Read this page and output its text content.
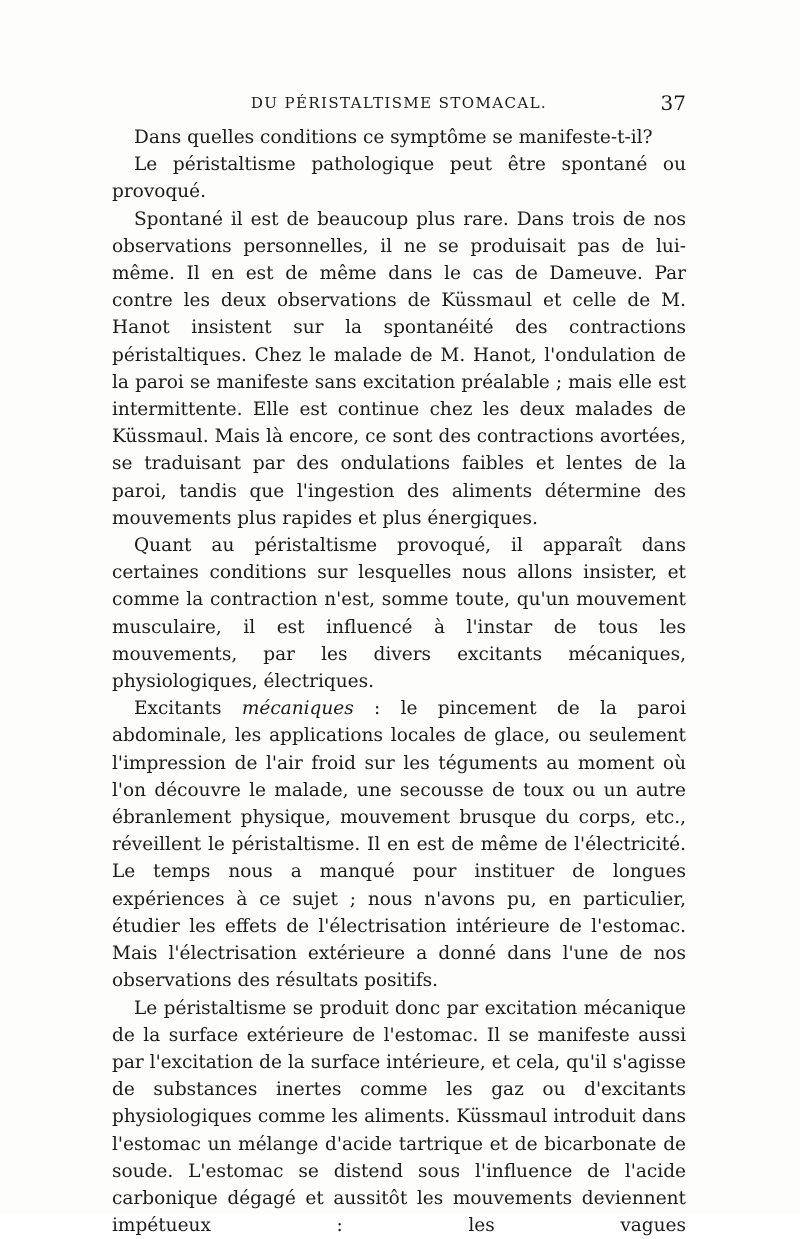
DU PÉRISTALTISME STOMACAL.	37

Dans quelles conditions ce symptôme se manifeste-t-il?

Le péristaltisme pathologique peut être spontané ou provoqué.

Spontané il est de beaucoup plus rare. Dans trois de nos observations personnelles, il ne se produisait pas de lui-même. Il en est de même dans le cas de Dameuve. Par contre les deux observations de Küssmaul et celle de M. Hanot insistent sur la spontanéité des contractions péristaltiques. Chez le malade de M. Hanot, l'ondulation de la paroi se manifeste sans excitation préalable ; mais elle est intermittente. Elle est continue chez les deux malades de Küssmaul. Mais là encore, ce sont des contractions avortées, se traduisant par des ondulations faibles et lentes de la paroi, tandis que l'ingestion des aliments détermine des mouvements plus rapides et plus énergiques.

Quant au péristaltisme provoqué, il apparaît dans certaines conditions sur lesquelles nous allons insister, et comme la contraction n'est, somme toute, qu'un mouvement musculaire, il est influencé à l'instar de tous les mouvements, par les divers excitants mécaniques, physiologiques, électriques.

Excitants mécaniques : le pincement de la paroi abdominale, les applications locales de glace, ou seulement l'impression de l'air froid sur les téguments au moment où l'on découvre le malade, une secousse de toux ou un autre ébranlement physique, mouvement brusque du corps, etc., réveillent le péristaltisme. Il en est de même de l'électricité. Le temps nous a manqué pour instituer de longues expériences à ce sujet ; nous n'avons pu, en particulier, étudier les effets de l'électrisation intérieure de l'estomac. Mais l'électrisation extérieure a donné dans l'une de nos observations des résultats positifs.

Le péristaltisme se produit donc par excitation mécanique de la surface extérieure de l'estomac. Il se manifeste aussi par l'excitation de la surface intérieure, et cela, qu'il s'agisse de substances inertes comme les gaz ou d'excitants physiologiques comme les aliments. Küssmaul introduit dans l'estomac un mélange d'acide tartrique et de bicarbonate de soude. L'estomac se distend sous l'influence de l'acide carbonique dégagé et aussitôt les mouvements deviennent impétueux : les vagues
